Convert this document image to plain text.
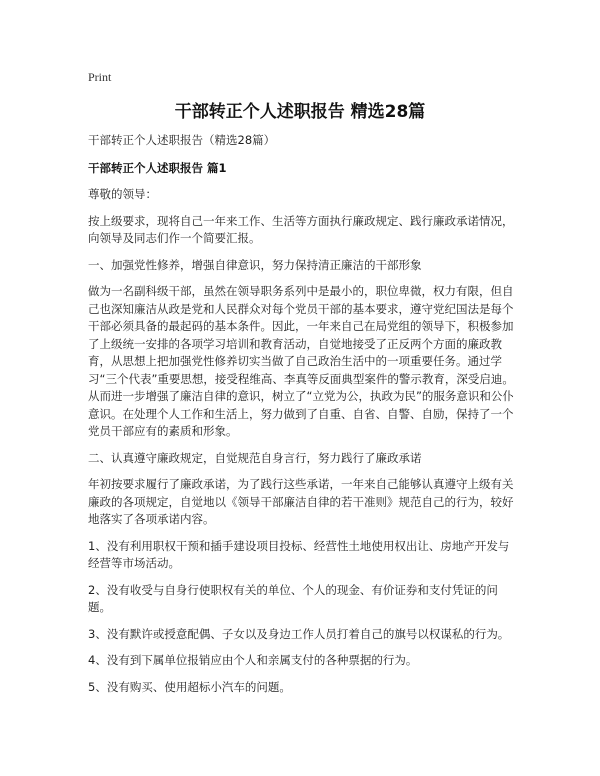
Print
干部转正个人述职报告 精选28篇

干部转正个人述职报告（精选28篇）

干部转正个人述职报告 篇1

尊敬的领导：

按上级要求，现将自己一年来工作、生活等方面执行廉政规定、践行廉政承诺情况，向领导及同志们作一个简要汇报。

一、加强党性修养，增强自律意识，努力保持清正廉洁的干部形象

做为一名副科级干部，虽然在领导职务系列中是最小的，职位卑微，权力有限，但自己也深知廉洁从政是党和人民群众对每个党员干部的基本要求，遵守党纪国法是每个干部必须具备的最起码的基本条件。因此，一年来自己在局党组的领导下，积极参加了上级统一安排的各项学习培训和教育活动，自觉地接受了正反两个方面的廉政教育，从思想上把加强党性修养切实当做了自己政治生活中的一项重要任务。通过学习“三个代表”重要思想，接受程维高、李真等反面典型案件的警示教育，深受启迪。从而进一步增强了廉洁自律的意识，树立了“立党为公，执政为民”的服务意识和公仆意识。在处理个人工作和生活上，努力做到了自重、自省、自警、自励，保持了一个党员干部应有的素质和形象。

二、认真遵守廉政规定，自觉规范自身言行，努力践行了廉政承诺

年初按要求履行了廉政承诺，为了践行这些承诺，一年来自己能够认真遵守上级有关廉政的各项规定，自觉地以《领导干部廉洁自律的若干准则》规范自己的行为，较好地落实了各项承诺内容。

1、没有利用职权干预和插手建设项目投标、经营性土地使用权出让、房地产开发与经营等市场活动。

2、没有收受与自身行使职权有关的单位、个人的现金、有价证券和支付凭证的问题。

3、没有默许或授意配偶、子女以及身边工作人员打着自己的旗号以权谋私的行为。

4、没有到下属单位报销应由个人和亲属支付的各种票据的行为。

5、没有购买、使用超标小汽车的问题。
